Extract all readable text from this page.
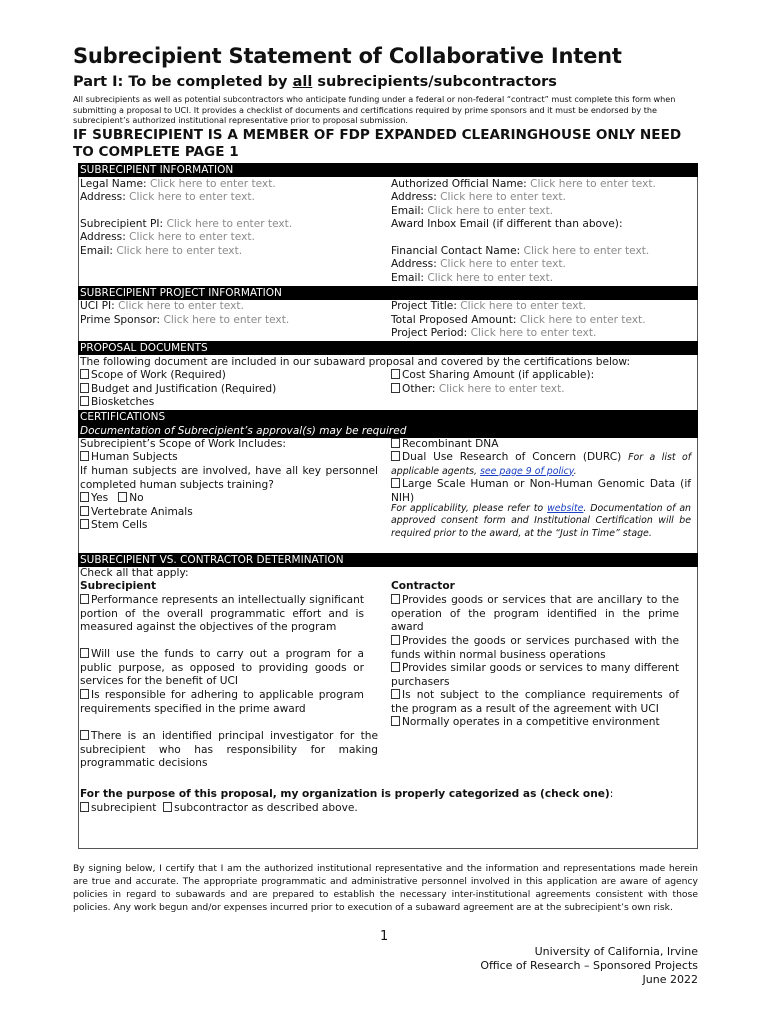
Subrecipient Statement of Collaborative Intent
Part I: To be completed by all subrecipients/subcontractors
All subrecipients as well as potential subcontractors who anticipate funding under a federal or non-federal “contract” must complete this form when submitting a proposal to UCI. It provides a checklist of documents and certifications required by prime sponsors and it must be endorsed by the subrecipient’s authorized institutional representative prior to proposal submission.
IF SUBRECIPIENT IS A MEMBER OF FDP EXPANDED CLEARINGHOUSE ONLY NEED TO COMPLETE PAGE 1
SUBRECIPIENT INFORMATION
Legal Name: Click here to enter text.
Address: Click here to enter text.
Subrecipient PI: Click here to enter text.
Address: Click here to enter text.
Email: Click here to enter text.
Authorized Official Name: Click here to enter text.
Address: Click here to enter text.
Email: Click here to enter text.
Award Inbox Email (if different than above):
Financial Contact Name: Click here to enter text.
Address: Click here to enter text.
Email: Click here to enter text.
SUBRECIPIENT PROJECT INFORMATION
UCI PI: Click here to enter text.
Prime Sponsor: Click here to enter text.
Project Title: Click here to enter text.
Total Proposed Amount: Click here to enter text.
Project Period: Click here to enter text.
PROPOSAL DOCUMENTS
The following document are included in our subaward proposal and covered by the certifications below:
Scope of Work (Required)
Budget and Justification (Required)
Biosketches
Cost Sharing Amount (if applicable):
Other: Click here to enter text.
CERTIFICATIONS
Documentation of Subrecipient’s approval(s) may be required
Subrecipient’s Scope of Work Includes:
Human Subjects
If human subjects are involved, have all key personnel completed human subjects training?
Yes No
Vertebrate Animals
Stem Cells
Recombinant DNA
Dual Use Research of Concern (DURC) For a list of applicable agents, see page 9 of policy.
Large Scale Human or Non-Human Genomic Data (if NIH)
For applicability, please refer to website. Documentation of an approved consent form and Institutional Certification will be required prior to the award, at the “Just in Time” stage.
SUBRECIPIENT VS. CONTRACTOR DETERMINATION
Check all that apply:
Subrecipient
Performance represents an intellectually significant portion of the overall programmatic effort and is measured against the objectives of the program
Will use the funds to carry out a program for a public purpose, as opposed to providing goods or services for the benefit of UCI
Is responsible for adhering to applicable program requirements specified in the prime award
There is an identified principal investigator for the subrecipient who has responsibility for making programmatic decisions
Contractor
Provides goods or services that are ancillary to the operation of the program identified in the prime award
Provides the goods or services purchased with the funds within normal business operations
Provides similar goods or services to many different purchasers
Is not subject to the compliance requirements of the program as a result of the agreement with UCI
Normally operates in a competitive environment
For the purpose of this proposal, my organization is properly categorized as (check one):
subrecipient subcontractor as described above.
By signing below, I certify that I am the authorized institutional representative and the information and representations made herein are true and accurate. The appropriate programmatic and administrative personnel involved in this application are aware of agency policies in regard to subawards and are prepared to establish the necessary inter-institutional agreements consistent with those policies. Any work begun and/or expenses incurred prior to execution of a subaward agreement are at the subrecipient’s own risk.
1
University of California, Irvine
Office of Research – Sponsored Projects
June 2022
